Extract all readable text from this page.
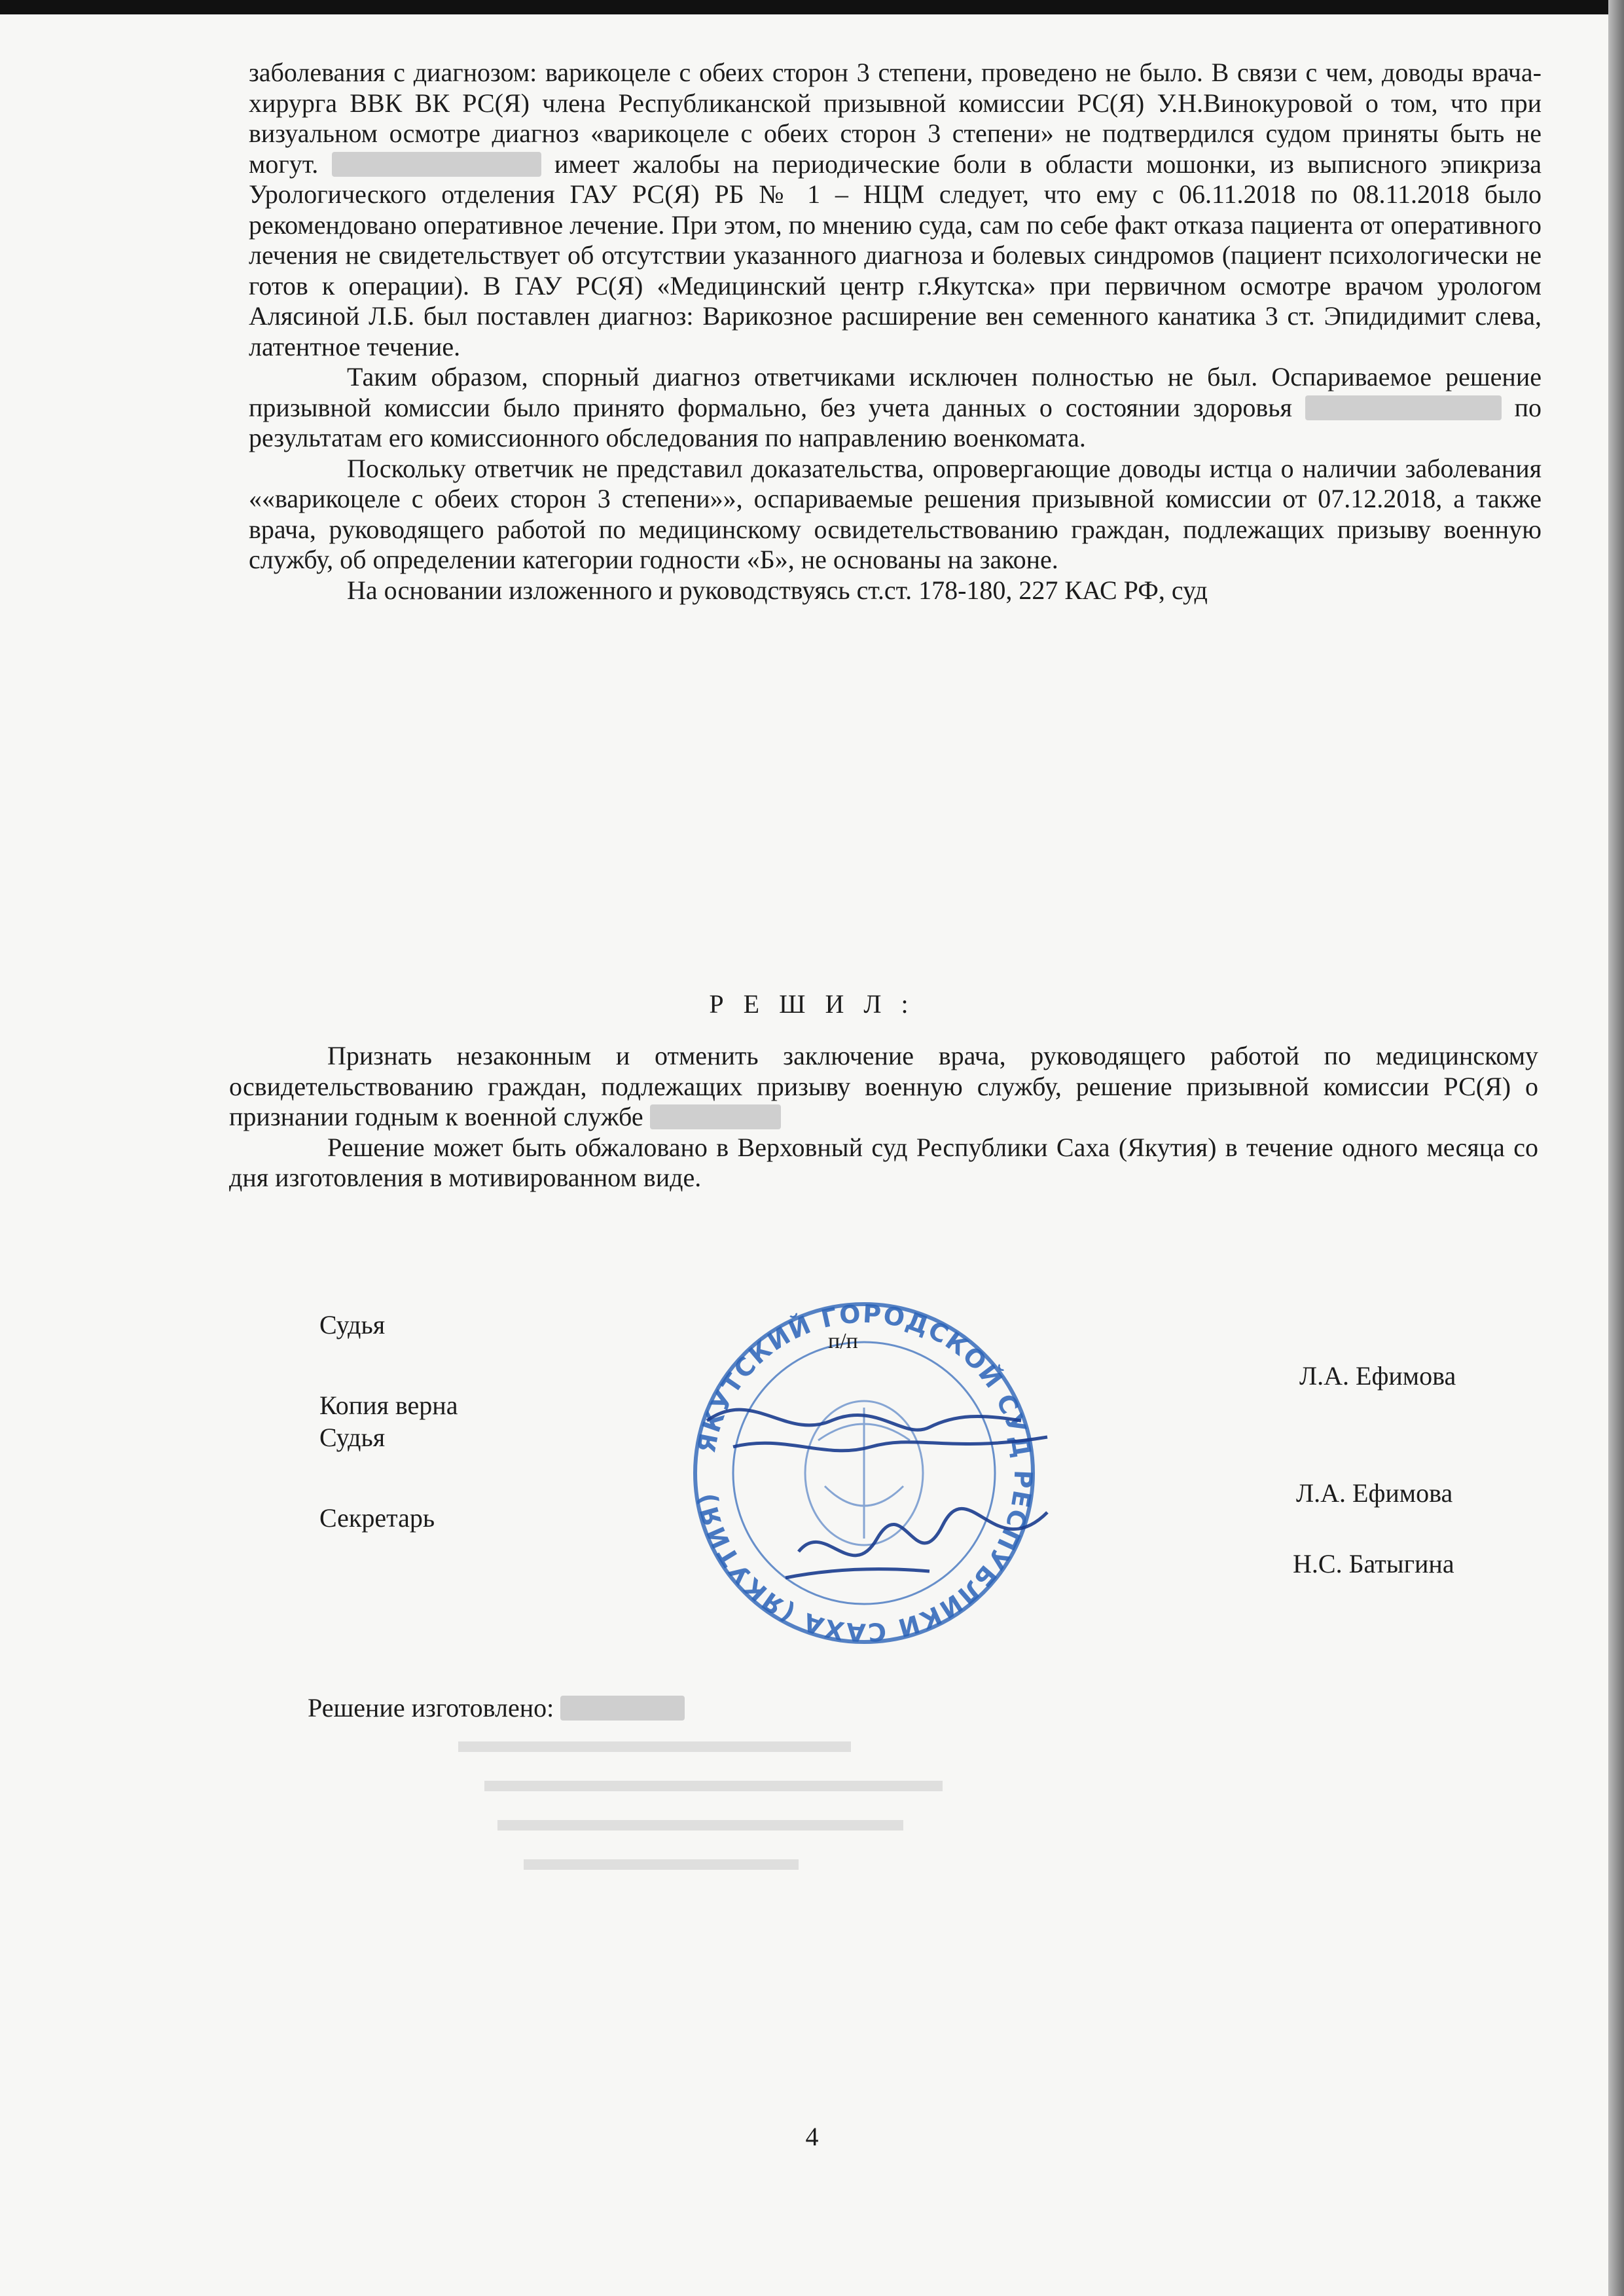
заболевания с диагнозом: варикоцеле с обеих сторон 3 степени, проведено не было. В связи с чем, доводы врача-хирурга ВВК ВК РС(Я) члена Республиканской призывной комиссии РС(Я) У.Н.Винокуровой о том, что при визуальном осмотре диагноз «варикоцеле с обеих сторон 3 степени» не подтвердился судом приняты быть не могут.	имеет жалобы на периодические боли в области мошонки, из выписного эпикриза Урологического отделения ГАУ РС(Я) РБ № 1 – НЦМ следует, что ему с 06.11.2018 по 08.11.2018 было рекомендовано оперативное лечение. При этом, по мнению суда, сам по себе факт отказа пациента от оперативного лечения не свидетельствует об отсутствии указанного диагноза и болевых синдромов (пациент психологически не готов к операции). В ГАУ РС(Я) «Медицинский центр г.Якутска» при первичном осмотре врачом урологом Алясиной Л.Б. был поставлен диагноз: Варикозное расширение вен семенного канатика 3 ст. Эпидидимит слева, латентное течение.

Таким образом, спорный диагноз ответчиками исключен полностью не был. Оспариваемое решение призывной комиссии было принято формально, без учета данных о состоянии здоровья	по результатам его комиссионного обследования по направлению военкомата.

Поскольку ответчик не представил доказательства, опровергающие доводы истца о наличии заболевания ««варикоцеле с обеих сторон 3 степени»», оспариваемые решения призывной комиссии от 07.12.2018, а также врача, руководящего работой по медицинскому освидетельствованию граждан, подлежащих призыву военную службу, об определении категории годности «Б», не основаны на законе.

На основании изложенного и руководствуясь ст.ст. 178-180, 227 КАС РФ, суд

Р Е Ш И Л :

Признать незаконным и отменить заключение врача, руководящего работой по медицинскому освидетельствованию граждан, подлежащих призыву военную службу, решение призывной комиссии РС(Я) о признании годным к военной службе

Решение может быть обжаловано в Верховный суд Республики Саха (Якутия) в течение одного месяца со дня изготовления в мотивированном виде.

ЯКУТСКИЙ ГОРОДСКОЙ СУД РЕСПУБЛИКИ САХА (ЯКУТИЯ)
Судья
п/п
Л.А. Ефимова
Копия верна
Судья
Л.А. Ефимова
Секретарь
Н.С. Батыгина
Решение изготовлено:
4
